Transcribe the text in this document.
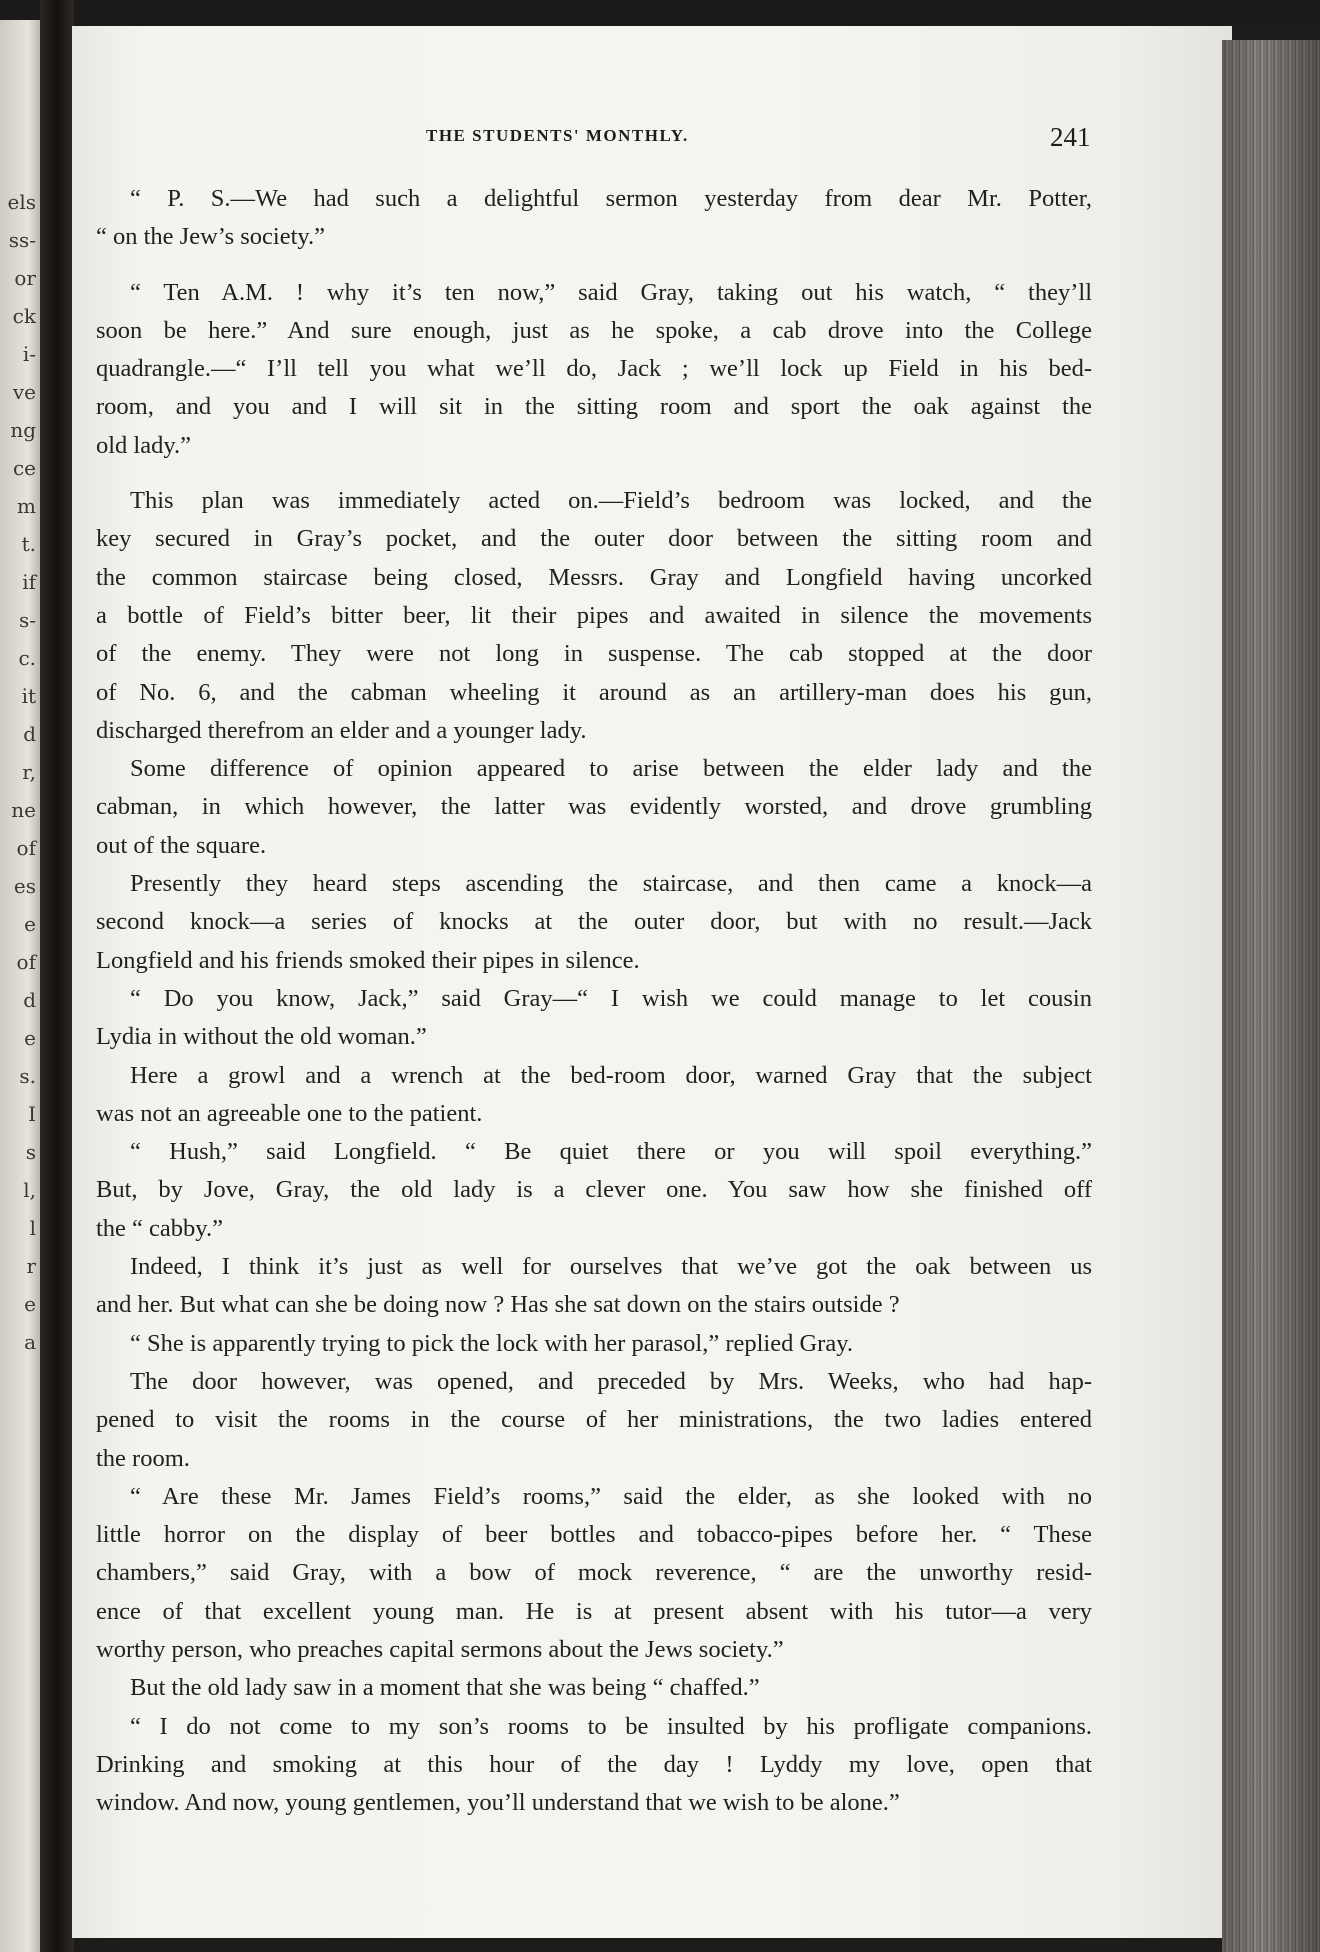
els
ss-
or
ck
i-
ve
ng
ce
m
t.
if
s-
c.
it
d
r,
ne
of
es
e
of
d
e
s.
I
s
l,
l
r
e
a
THE STUDENTS' MONTHLY.	241
“ P. S.—We had such a delightful sermon yesterday from dear Mr. Potter,
“ on the Jew’s society.”
“ Ten A.M. ! why it’s ten now,” said Gray, taking out his watch, “ they’ll
soon be here.” And sure enough, just as he spoke, a cab drove into the College
quadrangle.—“ I’ll tell you what we’ll do, Jack ; we’ll lock up Field in his bed-
room, and you and I will sit in the sitting room and sport the oak against the
old lady.”
This plan was immediately acted on.—Field’s bedroom was locked, and the
key secured in Gray’s pocket, and the outer door between the sitting room and
the common staircase being closed, Messrs. Gray and Longfield having uncorked
a bottle of Field’s bitter beer, lit their pipes and awaited in silence the movements
of the enemy. They were not long in suspense. The cab stopped at the door
of No. 6, and the cabman wheeling it around as an artillery-man does his gun,
discharged therefrom an elder and a younger lady.
Some difference of opinion appeared to arise between the elder lady and the
cabman, in which however, the latter was evidently worsted, and drove grumbling
out of the square.
Presently they heard steps ascending the staircase, and then came a knock—a
second knock—a series of knocks at the outer door, but with no result.—Jack
Longfield and his friends smoked their pipes in silence.
“ Do you know, Jack,” said Gray—“ I wish we could manage to let cousin
Lydia in without the old woman.”
Here a growl and a wrench at the bed-room door, warned Gray that the subject
was not an agreeable one to the patient.
“ Hush,” said Longfield. “ Be quiet there or you will spoil everything.”
But, by Jove, Gray, the old lady is a clever one. You saw how she finished off
the “ cabby.”
Indeed, I think it’s just as well for ourselves that we’ve got the oak between us
and her. But what can she be doing now ? Has she sat down on the stairs outside ?
“ She is apparently trying to pick the lock with her parasol,” replied Gray.
The door however, was opened, and preceded by Mrs. Weeks, who had hap-
pened to visit the rooms in the course of her ministrations, the two ladies entered
the room.
“ Are these Mr. James Field’s rooms,” said the elder, as she looked with no
little horror on the display of beer bottles and tobacco-pipes before her. “ These
chambers,” said Gray, with a bow of mock reverence, “ are the unworthy resid-
ence of that excellent young man. He is at present absent with his tutor—a very
worthy person, who preaches capital sermons about the Jews society.”
But the old lady saw in a moment that she was being “ chaffed.”
“ I do not come to my son’s rooms to be insulted by his profligate companions.
Drinking and smoking at this hour of the day ! Lyddy my love, open that
window. And now, young gentlemen, you’ll understand that we wish to be alone.”
